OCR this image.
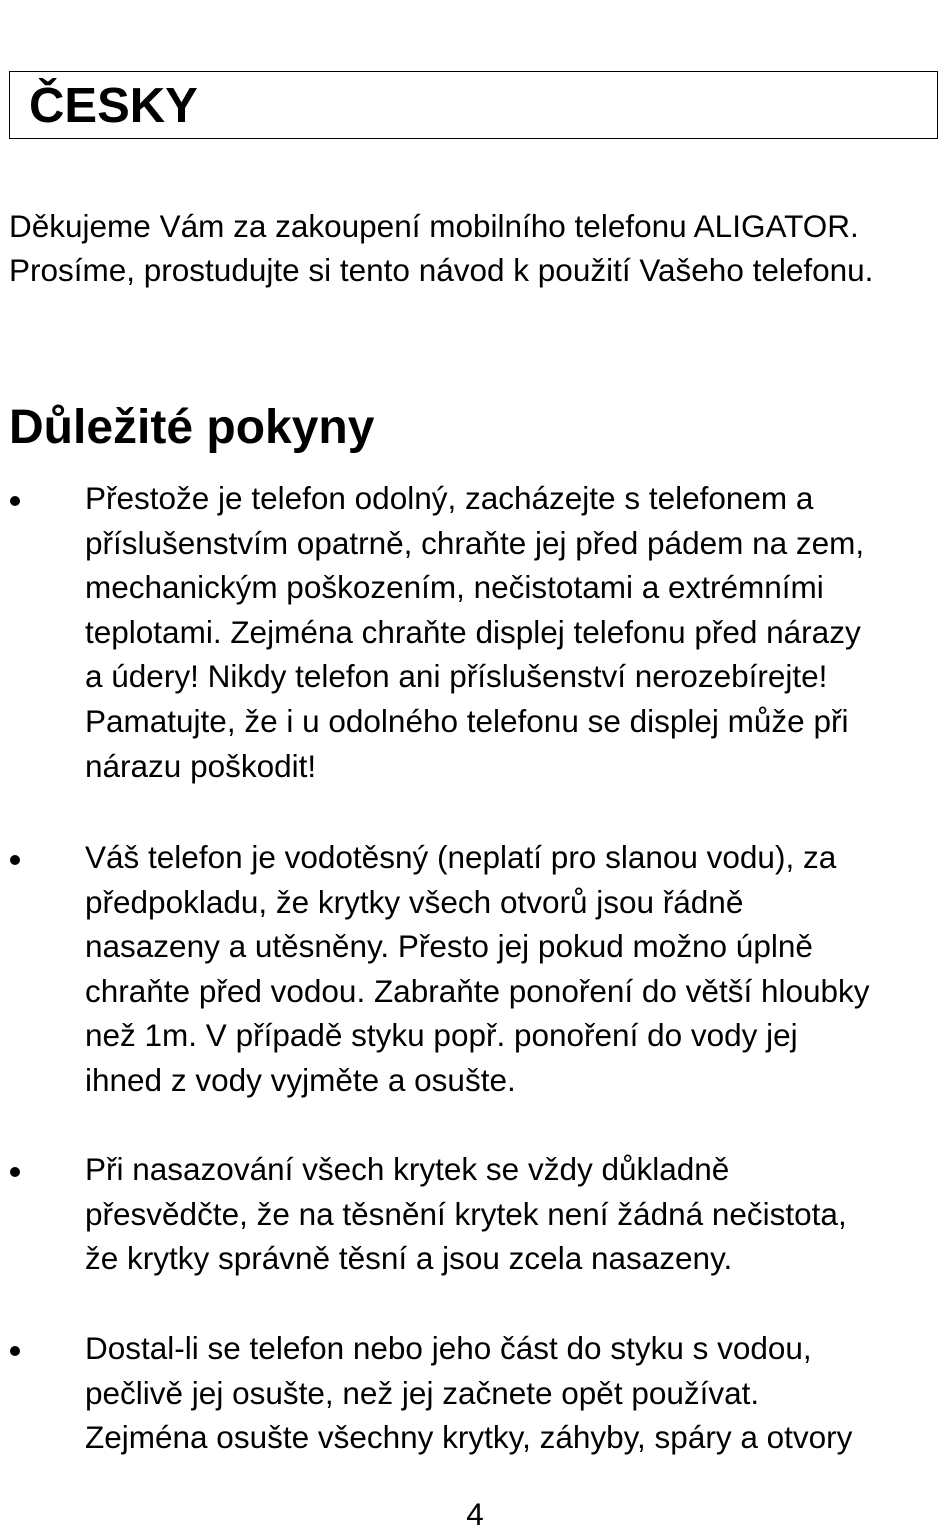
ČESKY

Děkujeme Vám za zakoupení mobilního telefonu ALIGATOR.
Prosíme, prostudujte si tento návod k použití Vašeho telefonu.

Důležité pokyny

Přestože je telefon odolný, zacházejte s telefonem a
příslušenstvím opatrně, chraňte jej před pádem na zem,
mechanickým poškozením, nečistotami a extrémními
teplotami. Zejména chraňte displej telefonu před nárazy
a údery! Nikdy telefon ani příslušenství nerozebírejte!
Pamatujte, že i u odolného telefonu se displej může při
nárazu poškodit!

Váš telefon je vodotěsný (neplatí pro slanou vodu), za
předpokladu, že krytky všech otvorů jsou řádně
nasazeny a utěsněny. Přesto jej pokud možno úplně
chraňte před vodou. Zabraňte ponoření do větší hloubky
než 1m. V případě styku popř. ponoření do vody jej
ihned z vody vyjměte a osušte.

Při nasazování všech krytek se vždy důkladně
přesvědčte, že na těsnění krytek není žádná nečistota,
že krytky správně těsní a jsou zcela nasazeny.

Dostal-li se telefon nebo jeho část do styku s vodou,
pečlivě jej osušte, než jej začnete opět používat.
Zejména osušte všechny krytky, záhyby, spáry a otvory

4
